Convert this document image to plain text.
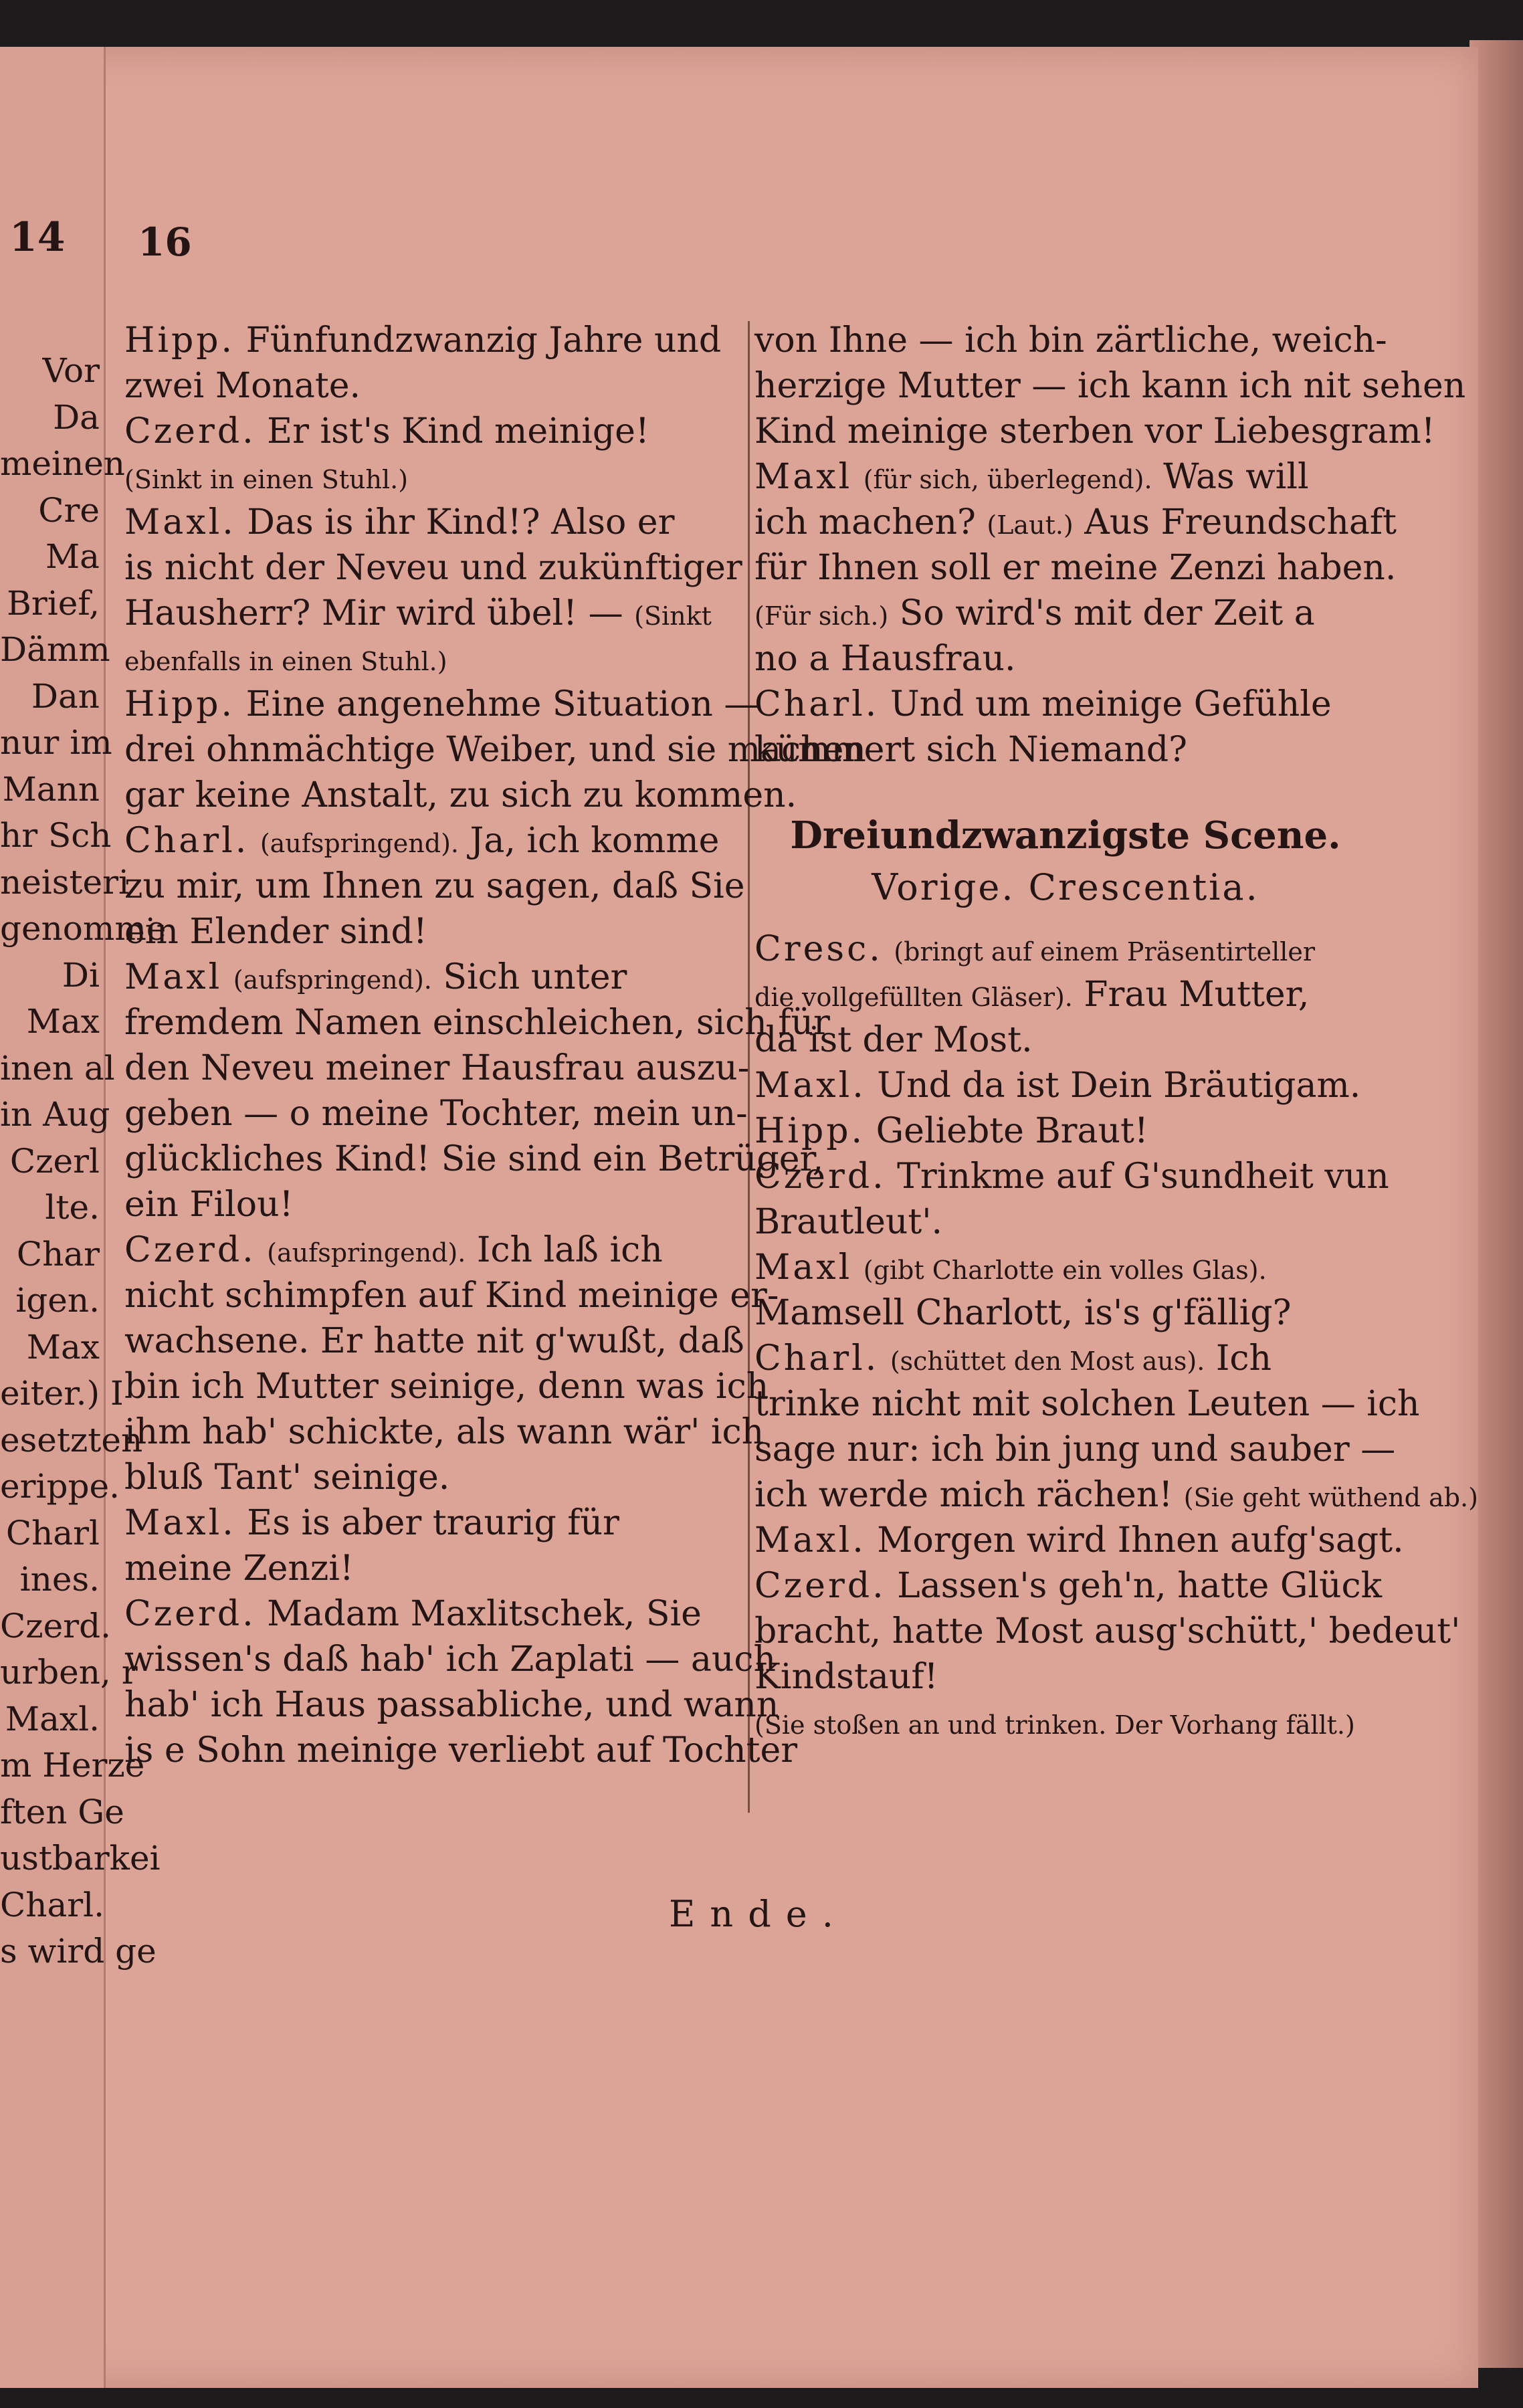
14
Vor
Da
meinen
Cre
Ma
Brief,
Dämm
Dan
nur im
Mann
hr Sch
neisteri
genomme
Di
Max
inen al
in Aug
Czerl
lte.
Char
igen.
Max
eiter.) I
esetzten
erippe.
Charl
ines.
Czerd.
urben, r
Maxl.
m Herze
ften Ge
ustbarkei
Charl.
s wird ge
16
Hipp. Fünfundzwanzig Jahre und
zwei Monate.
Czerd. Er ist's Kind meinige!
(Sinkt in einen Stuhl.)
Maxl. Das is ihr Kind!? Also er
is nicht der Neveu und zukünftiger
Hausherr? Mir wird übel! — (Sinkt
ebenfalls in einen Stuhl.)
Hipp. Eine angenehme Situation —
drei ohnmächtige Weiber, und sie machen
gar keine Anstalt, zu sich zu kommen.
Charl. (aufspringend). Ja, ich komme
zu mir, um Ihnen zu sagen, daß Sie
ein Elender sind!
Maxl (aufspringend). Sich unter
fremdem Namen einschleichen, sich für
den Neveu meiner Hausfrau auszu-
geben — o meine Tochter, mein un-
glückliches Kind! Sie sind ein Betrüger,
ein Filou!
Czerd. (aufspringend). Ich laß ich
nicht schimpfen auf Kind meinige er-
wachsene. Er hatte nit g'wußt, daß
bin ich Mutter seinige, denn was ich
ihm hab' schickte, als wann wär' ich
bluß Tant' seinige.
Maxl. Es is aber traurig für
meine Zenzi!
Czerd. Madam Maxlitschek, Sie
wissen's daß hab' ich Zaplati — auch
hab' ich Haus passabliche, und wann
is e Sohn meinige verliebt auf Tochter
von Ihne — ich bin zärtliche, weich-
herzige Mutter — ich kann ich nit sehen
Kind meinige sterben vor Liebesgram!
Maxl (für sich, überlegend). Was will
ich machen? (Laut.) Aus Freundschaft
für Ihnen soll er meine Zenzi haben.
(Für sich.) So wird's mit der Zeit a
no a Hausfrau.
Charl. Und um meinige Gefühle
kümmert sich Niemand?
Dreiundzwanzigste Scene.
Vorige. Crescentia.
Cresc. (bringt auf einem Präsentirteller
die vollgefüllten Gläser). Frau Mutter,
da ist der Most.
Maxl. Und da ist Dein Bräutigam.
Hipp. Geliebte Braut!
Czerd. Trinkme auf G'sundheit vun
Brautleut'.
Maxl (gibt Charlotte ein volles Glas).
Mamsell Charlott, is's g'fällig?
Charl. (schüttet den Most aus). Ich
trinke nicht mit solchen Leuten — ich
sage nur: ich bin jung und sauber —
ich werde mich rächen! (Sie geht wüthend ab.)
Maxl. Morgen wird Ihnen aufg'sagt.
Czerd. Lassen's geh'n, hatte Glück
bracht, hatte Most ausg'schütt,' bedeut'
Kindstauf!
(Sie stoßen an und trinken. Der Vorhang fällt.)
Ende.
